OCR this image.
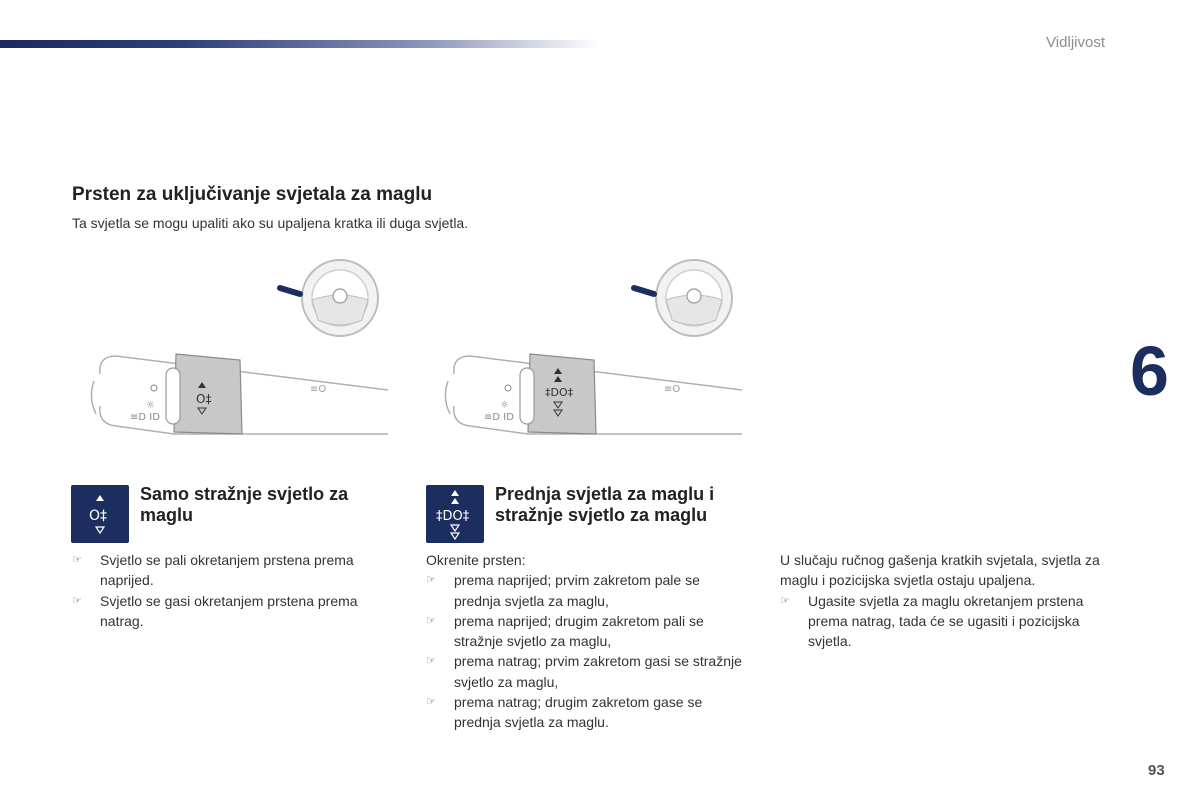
Vidljivost
6
93
Prsten za uključivanje svjetala za maglu

Ta svjetla se mogu upaliti ako su upaljena kratka ili duga svjetla.

O‡
☼
≡D ID
≡O	‡DO‡
☼
≡D ID
≡O
O‡
Samo stražnje svjetlo za maglu
☞ Svjetlo se pali okretanjem prstena prema naprijed.
☞ Svjetlo se gasi okretanjem prstena prema natrag.
‡DO‡
Prednja svjetla za maglu i stražnje svjetlo za maglu

Okrenite prsten:

☞ prema naprijed; prvim zakretom pale se prednja svjetla za maglu,
☞ prema naprijed; drugim zakretom pali se stražnje svjetlo za maglu,
☞ prema natrag; prvim zakretom gasi se stražnje svjetlo za maglu,
☞ prema natrag; drugim zakretom gase se prednja svjetla za maglu.

U slučaju ručnog gašenja kratkih svjetala, svjetla za maglu i pozicijska svjetla ostaju upaljena.

☞ Ugasite svjetla za maglu okretanjem prstena prema natrag, tada će se ugasiti i pozicijska svjetla.
